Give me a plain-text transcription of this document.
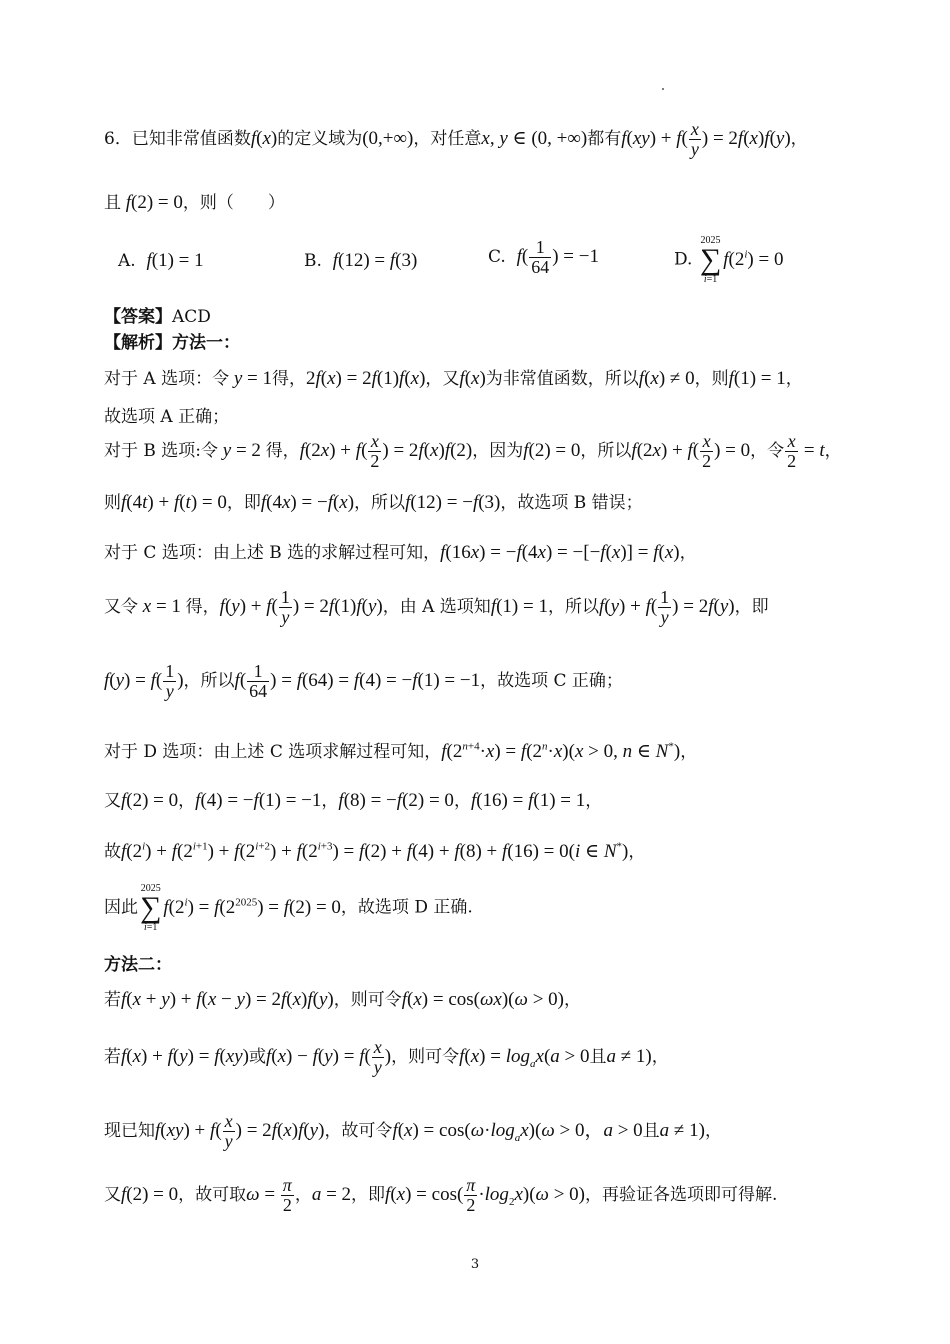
6．已知非常值函数f(x)的定义域为(0,+∞)，对任意x, y ∈ (0, +∞)都有$f(xy) + f( \frac{x}{y}$ ) = 2f(x)f(y)，
且 f(2) = 0，则（　　）
A. f(1) = 1	B. f(12) = f(3)	C. $f( \frac{1}{64}$ ) = −1	D.
2025
∑
i=1
$f(2^i) = 0$
【答案】ACD
【解析】方法一：
对于 A 选项：令 y = 1得，2f(x) = 2f(1)f(x)，又f(x)为非常值函数，所以f(x) ≠ 0，则f(1) = 1，
故选项 A 正确；
对于 B 选项:令 y = 2 得，$f(2x) + f( \frac{x}{2}$ ) = 2f(x)f(2)，因为f(2) = 0，所以$f(2x) + f( \frac{x}{2}$ ) = 0，令 $\frac{x}{2} = t$，
则f(4t) + f(t) = 0，即f(4x) = −f(x)，所以f(12) = −f(3)，故选项 B 错误；
对于 C 选项：由上述 B 选的求解过程可知，f(16x) = −f(4x) = −[−f(x)] = f(x)，
又令 x = 1 得，$f(y) + f( \frac{1}{y}$ ) = 2f(1)f(y)，由 A 选项知f(1) = 1，所以$f(y) + f( \frac{1}{y}$ ) = 2f(y)，即
$f(y) = f( \frac{1}{y}$ )，所以$f( \frac{1}{64}$ ) = f(64) = f(4) = −f(1) = −1，故选项 C 正确；
对于 D 选项：由上述 C 选项求解过程可知，$f(2^{n+4}\cdot x) = f(2^n\cdot x)(x > 0$, n ∈ N*)，
又f(2) = 0，f(4) = −f(1) = −1，f(8) = −f(2) = 0，f(16) = f(1) = 1，
故$f(2^i) + f(2^{i+1}) + f(2^{i+2}) + f(2^{i+3}) = f(2) + f(4) + f(8) + f(16) = 0(i$ ∈ N*)，
因此
2025
∑
i=1
$f(2^i) = f(2^{2025}) = f(2) = 0$，故选项 D 正确.
方法二：
若f(x + y) + f(x − y) = 2f(x)f(y)，则可令f(x) = cos(ωx)(ω > 0)，
若f(x) + f(y) = f(xy)或$f(x) - f(y) = f( \frac{x}{y}$ )，则可令$f(x) = \log_ax(a > 0$且a ≠ 1)，
现已知$f(xy) + f( \frac{x}{y}$ ) = 2f(x)f(y)，故可令$f(x) = \cos(\omega\cdot\log_ax)(\omega > 0$，a > 0且a ≠ 1)，
又f(2) = 0，故可取$\omega = \frac{\pi}{2}$ ，a = 2，即$f(x) = \cos( \frac{\pi}{2} \cdot\log_2x)(\omega > 0)$，再验证各选项即可得解.
3
